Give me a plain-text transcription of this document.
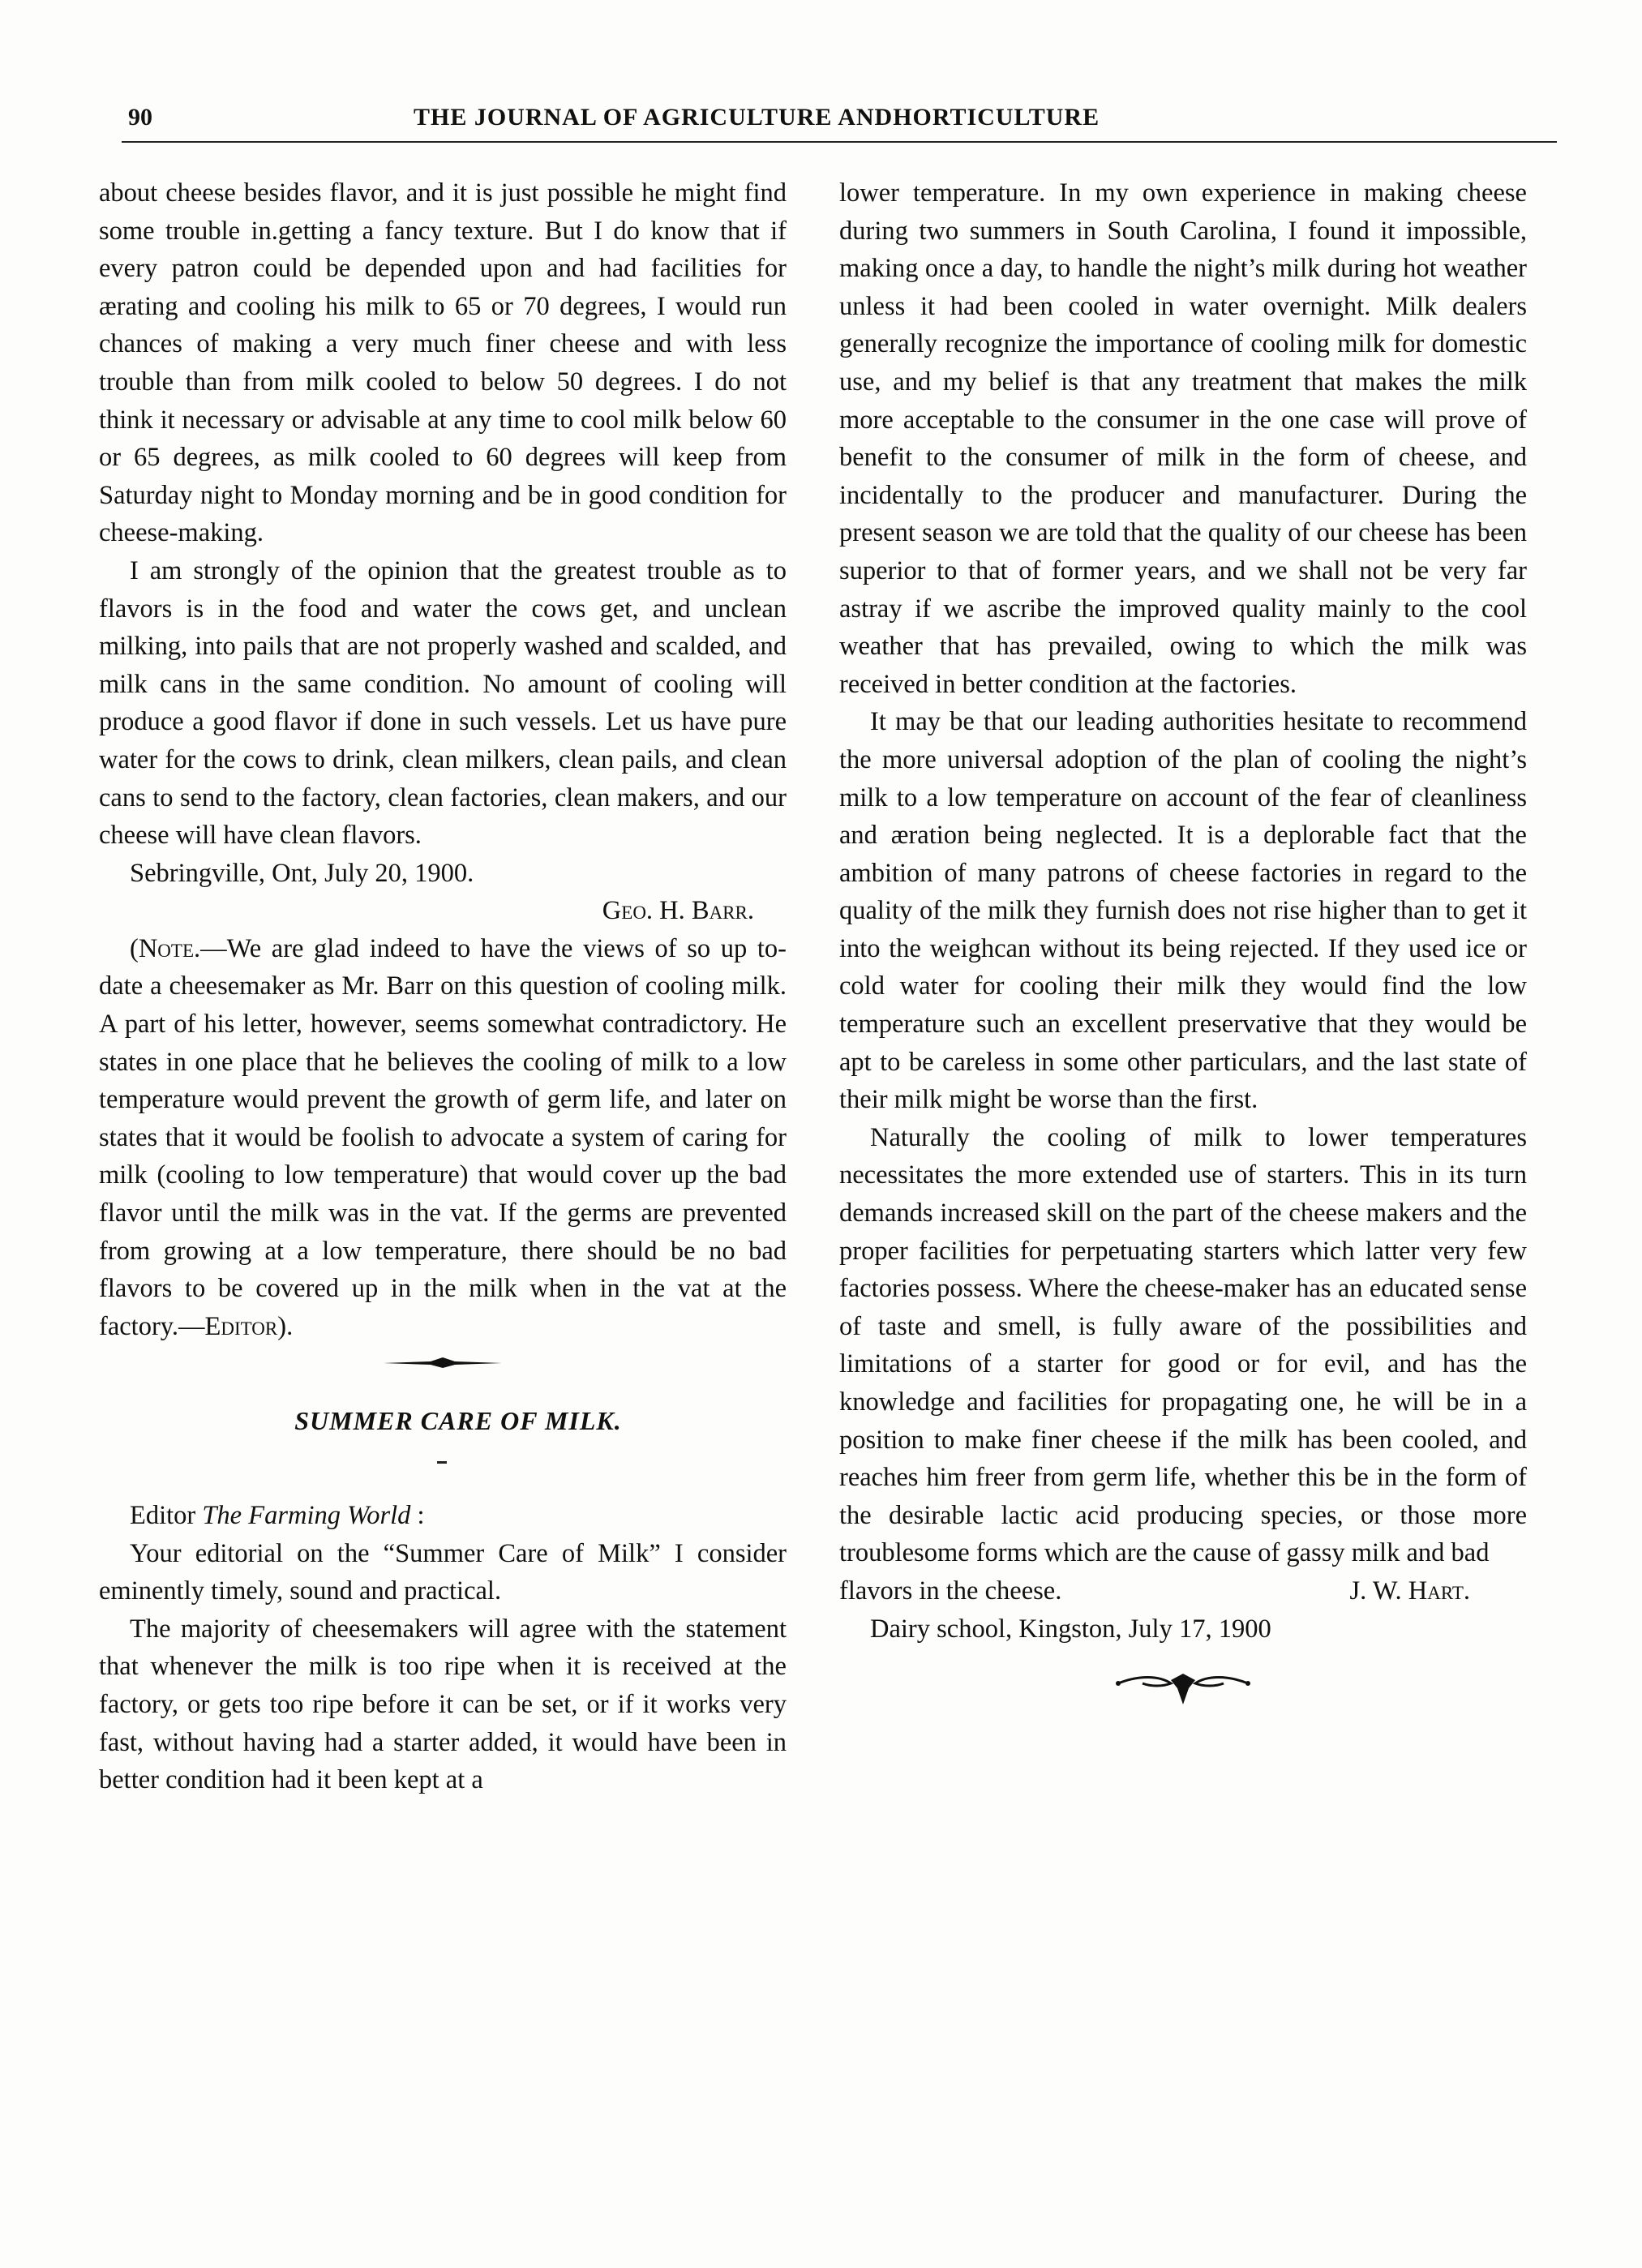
90	THE JOURNAL OF AGRICULTURE ANDHORTICULTURE

about cheese besides flavor, and it is just possible he might find some trouble in.getting a fancy texture. But I do know that if every patron could be depended upon and had facilities for ærating and cooling his milk to 65 or 70 degrees, I would run chances of making a very much finer cheese and with less trouble than from milk cooled to below 50 degrees. I do not think it necessary or advisable at any time to cool milk below 60 or 65 degrees, as milk cooled to 60 degrees will keep from Saturday night to Monday morning and be in good condition for cheese-making.

I am strongly of the opinion that the greatest trouble as to flavors is in the food and water the cows get, and unclean milking, into pails that are not properly washed and scalded, and milk cans in the same condition. No amount of cooling will produce a good flavor if done in such vessels. Let us have pure water for the cows to drink, clean milkers, clean pails, and clean cans to send to the factory, clean factories, clean makers, and our cheese will have clean flavors.

Sebringville, Ont, July 20, 1900.

Geo. H. Barr.

(Note.—We are glad indeed to have the views of so up to-date a cheesemaker as Mr. Barr on this question of cooling milk. A part of his letter, however, seems somewhat contradictory. He states in one place that he believes the cooling of milk to a low temperature would prevent the growth of germ life, and later on states that it would be foolish to advocate a system of caring for milk (cooling to low temperature) that would cover up the bad flavor until the milk was in the vat. If the germs are prevented from growing at a low temperature, there should be no bad flavors to be covered up in the milk when in the vat at the factory.—Editor).

SUMMER CARE OF MILK.

Editor The Farming World :

Your editorial on the “Summer Care of Milk” I consider eminently timely, sound and practical.

The majority of cheesemakers will agree with the statement that whenever the milk is too ripe when it is received at the factory, or gets too ripe before it can be set, or if it works very fast, without having had a starter added, it would have been in better condition had it been kept at a

lower temperature. In my own experience in making cheese during two summers in South Carolina, I found it impossible, making once a day, to handle the night’s milk during hot weather unless it had been cooled in water overnight. Milk dealers generally recognize the importance of cooling milk for domestic use, and my belief is that any treatment that makes the milk more acceptable to the consumer in the one case will prove of benefit to the consumer of milk in the form of cheese, and incidentally to the producer and manufacturer. During the present season we are told that the quality of our cheese has been superior to that of former years, and we shall not be very far astray if we ascribe the improved quality mainly to the cool weather that has prevailed, owing to which the milk was received in better condition at the factories.

It may be that our leading authorities hesitate to recommend the more universal adoption of the plan of cooling the night’s milk to a low temperature on account of the fear of cleanliness and æration being neglected. It is a deplorable fact that the ambition of many patrons of cheese factories in regard to the quality of the milk they furnish does not rise higher than to get it into the weighcan without its being rejected. If they used ice or cold water for cooling their milk they would find the low temperature such an excellent preservative that they would be apt to be careless in some other particulars, and the last state of their milk might be worse than the first.

Naturally the cooling of milk to lower temperatures necessitates the more extended use of starters. This in its turn demands increased skill on the part of the cheese makers and the proper facilities for perpetuating starters which latter very few factories possess. Where the cheese-maker has an educated sense of taste and smell, is fully aware of the possibilities and limitations of a starter for good or for evil, and has the knowledge and facilities for propagating one, he will be in a position to make finer cheese if the milk has been cooled, and reaches him freer from germ life, whether this be in the form of the desirable lactic acid producing species, or those more troublesome forms which are the cause of gassy milk and bad

flavors in the cheese.	J. W. Hart.

Dairy school, Kingston, July 17, 1900
